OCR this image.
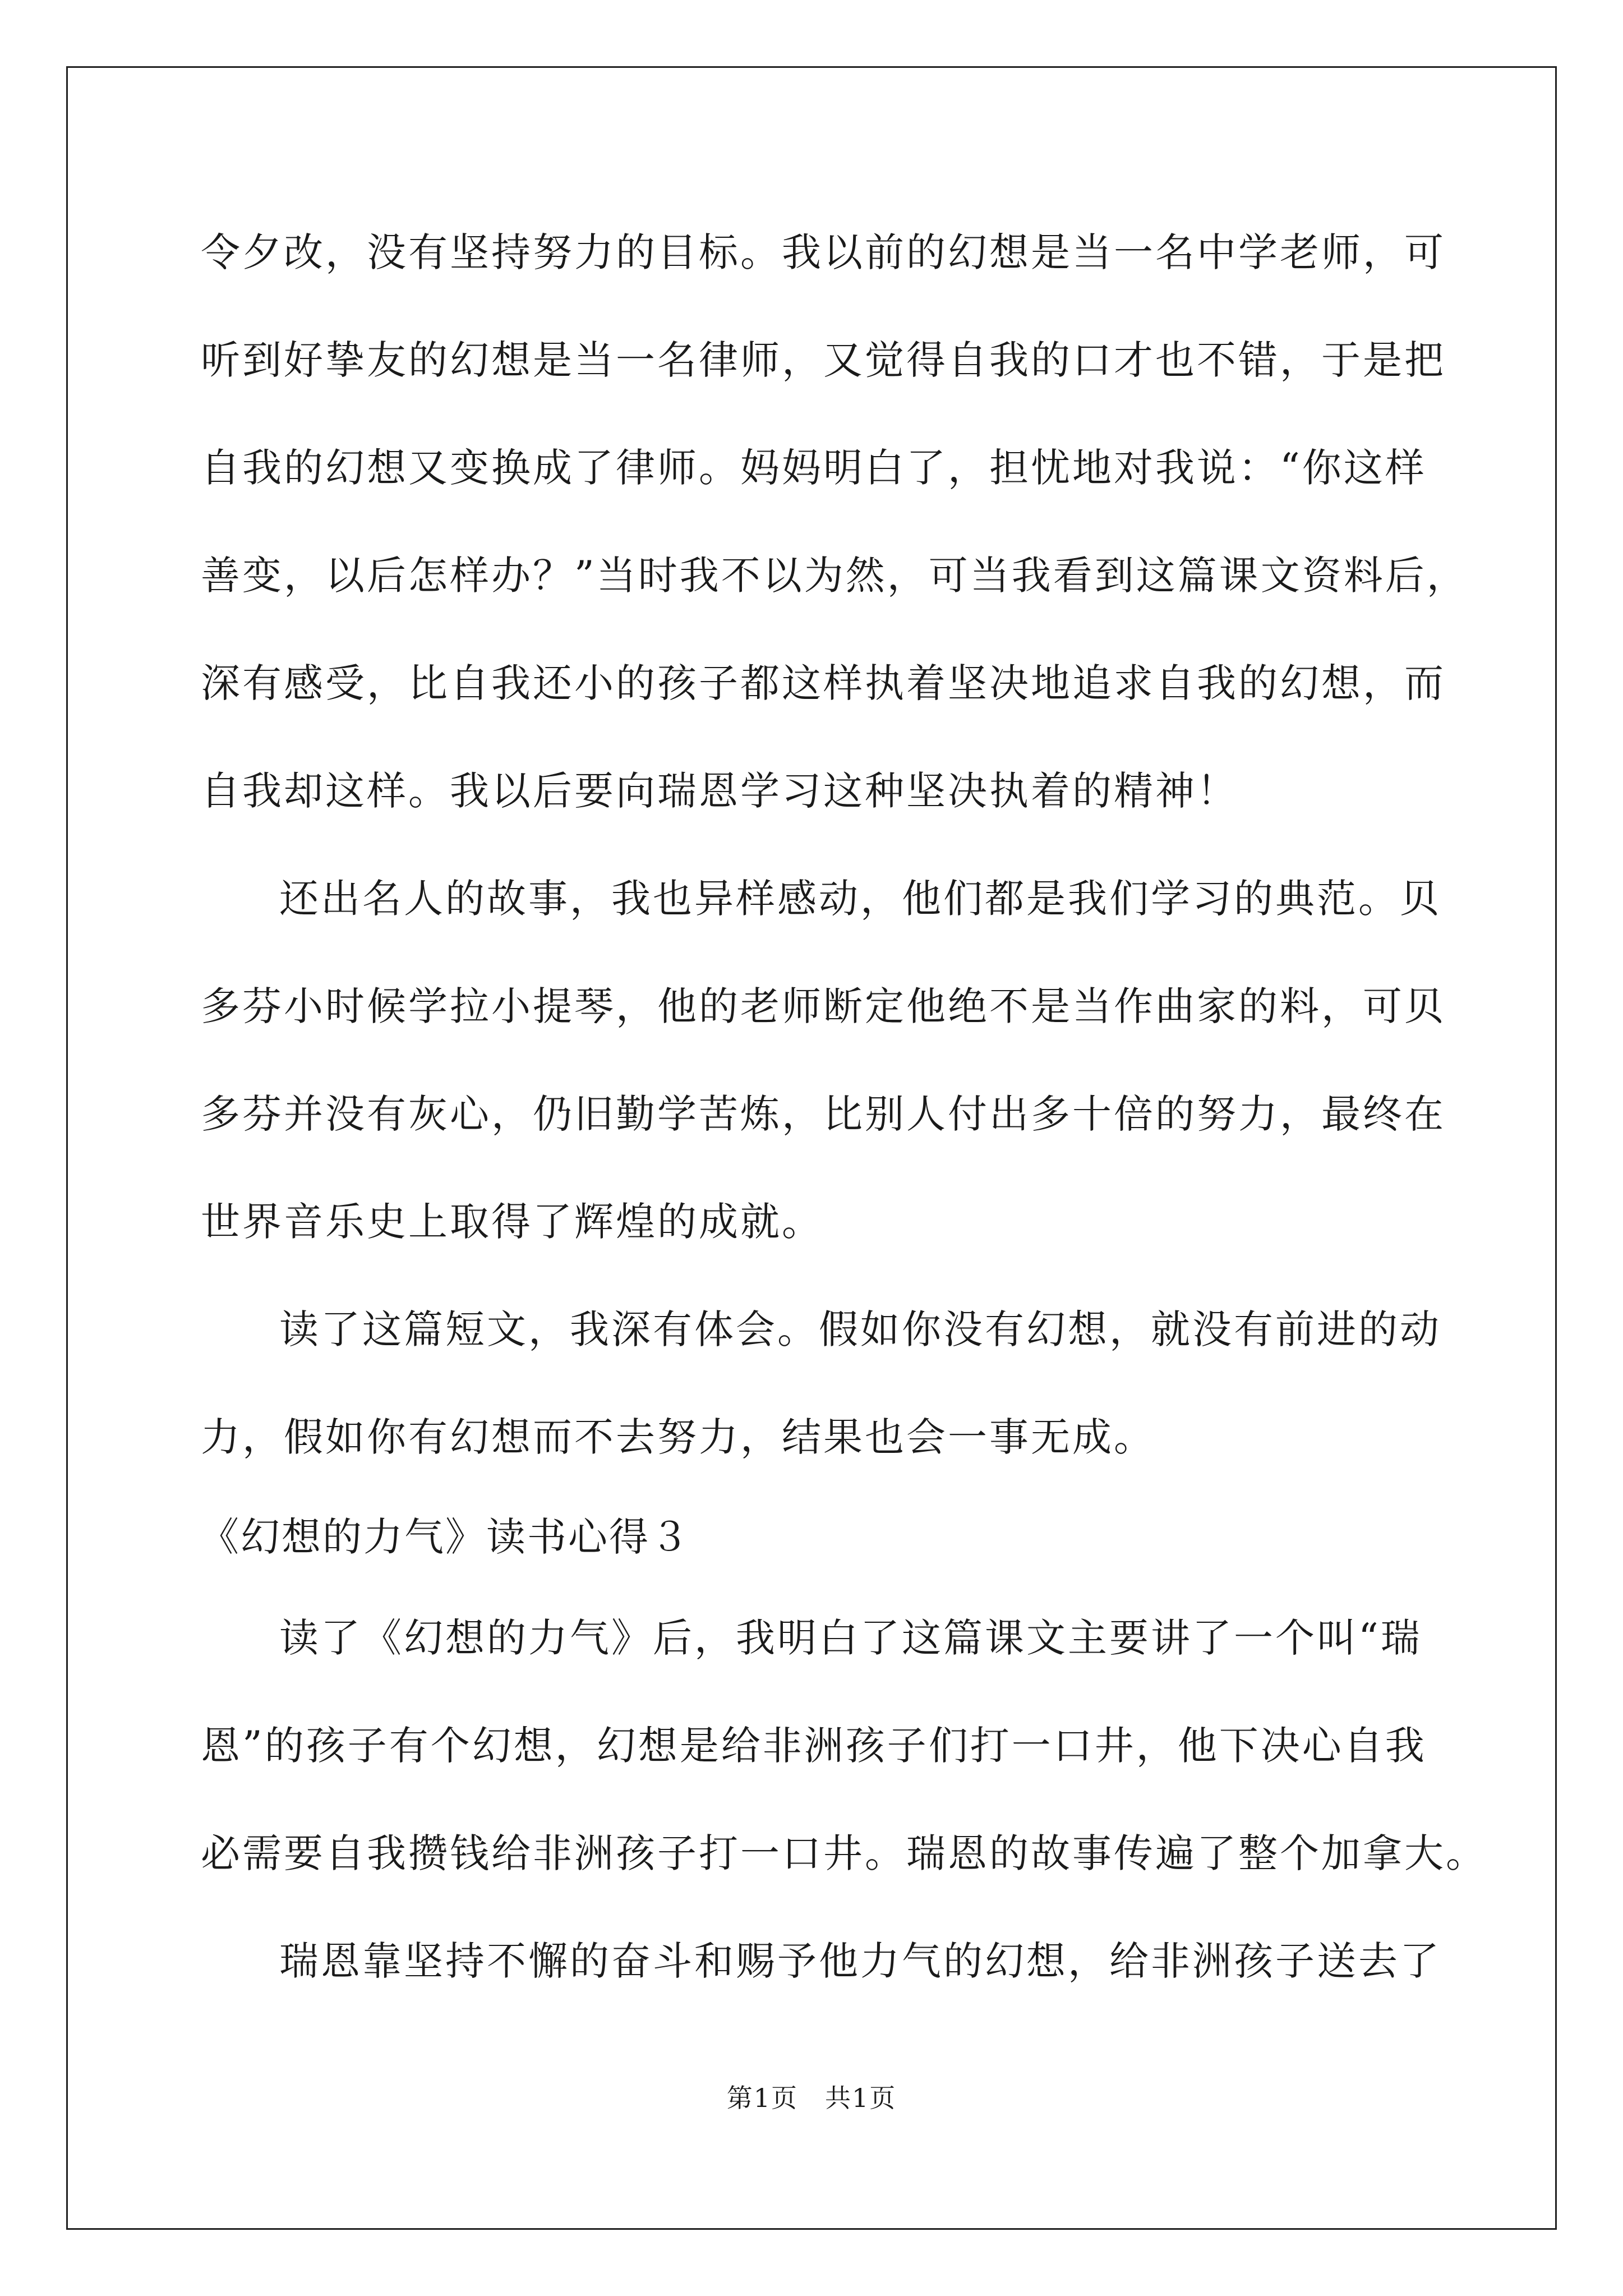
令夕改，没有坚持努力的目标。我以前的幻想是当一名中学老师，可
听到好挚友的幻想是当一名律师，又觉得自我的口才也不错，于是把
自我的幻想又变换成了律师。妈妈明白了，担忧地对我说：“你这样
善变，以后怎样办？”当时我不以为然，可当我看到这篇课文资料后，
深有感受，比自我还小的孩子都这样执着坚决地追求自我的幻想，而
自我却这样。我以后要向瑞恩学习这种坚决执着的精神！
还出名人的故事，我也异样感动，他们都是我们学习的典范。贝
多芬小时候学拉小提琴，他的老师断定他绝不是当作曲家的料，可贝
多芬并没有灰心，仍旧勤学苦炼，比别人付出多十倍的努力，最终在
世界音乐史上取得了辉煌的成就。
读了这篇短文，我深有体会。假如你没有幻想，就没有前进的动
力，假如你有幻想而不去努力，结果也会一事无成。
《幻想的力气》读书心得３
读了《幻想的力气》后，我明白了这篇课文主要讲了一个叫“瑞
恩”的孩子有个幻想，幻想是给非洲孩子们打一口井，他下决心自我
必需要自我攒钱给非洲孩子打一口井。瑞恩的故事传遍了整个加拿大。
瑞恩靠坚持不懈的奋斗和赐予他力气的幻想，给非洲孩子送去了
第1页　共1页
